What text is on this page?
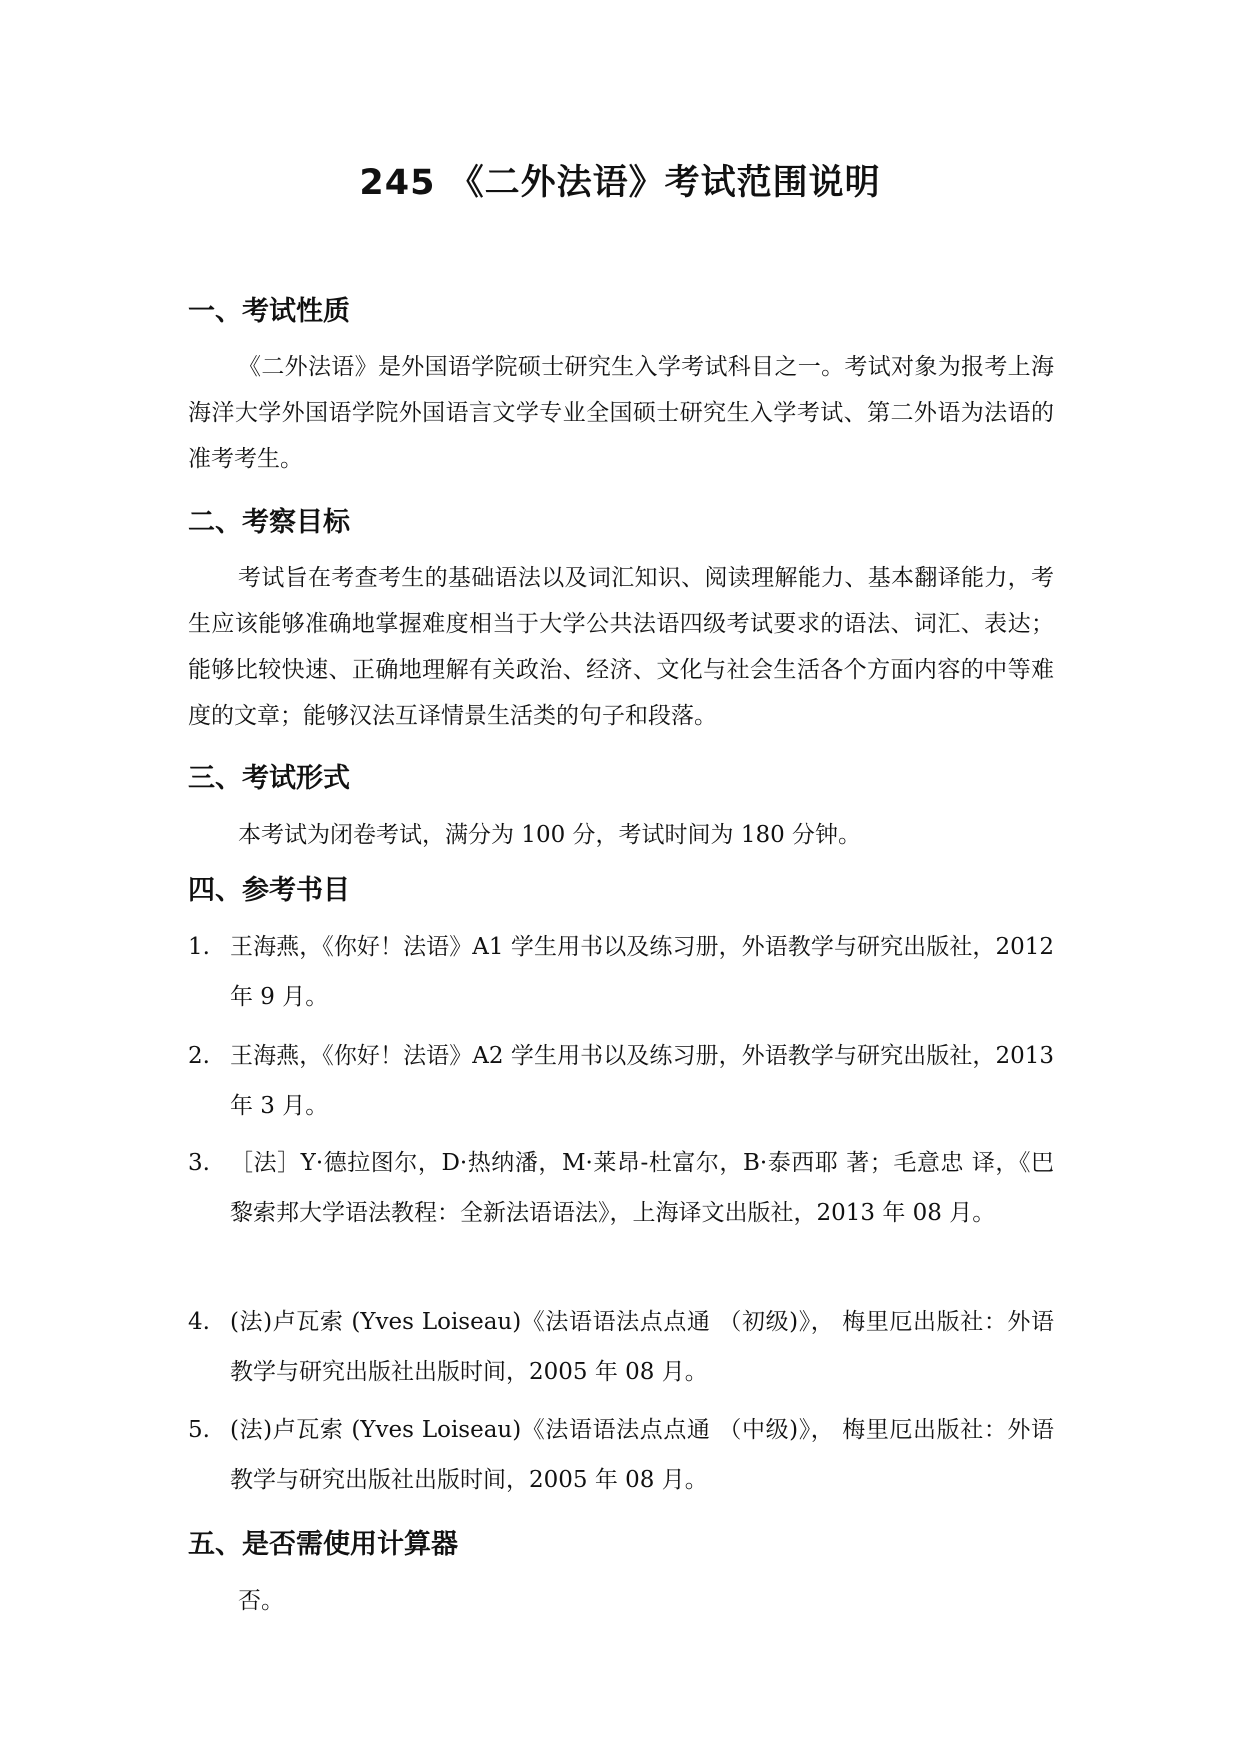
245 《二外法语》考试范围说明
一、考试性质
《二外法语》是外国语学院硕士研究生入学考试科目之一。考试对象为报考上海海洋大学外国语学院外国语言文学专业全国硕士研究生入学考试、第二外语为法语的准考考生。
二、考察目标
考试旨在考查考生的基础语法以及词汇知识、阅读理解能力、基本翻译能力，考生应该能够准确地掌握难度相当于大学公共法语四级考试要求的语法、词汇、表达；能够比较快速、正确地理解有关政治、经济、文化与社会生活各个方面内容的中等难度的文章；能够汉法互译情景生活类的句子和段落。
三、考试形式
本考试为闭卷考试，满分为 100 分，考试时间为 180 分钟。
四、参考书目
1. 王海燕，《你好！法语》A1 学生用书以及练习册，外语教学与研究出版社，2012 年 9 月。
2. 王海燕，《你好！法语》A2 学生用书以及练习册，外语教学与研究出版社，2013 年 3 月。
3. ［法］Y·德拉图尔，D·热纳潘，M·莱昂-杜富尔，B·泰西耶 著；毛意忠 译，《巴黎索邦大学语法教程：全新法语语法》，上海译文出版社，2013 年 08 月。
4. (法)卢瓦索 (Yves Loiseau)《法语语法点点通 （初级)》， 梅里厄出版社：外语教学与研究出版社出版时间，2005 年 08 月。
5. (法)卢瓦索 (Yves Loiseau)《法语语法点点通 （中级)》， 梅里厄出版社：外语教学与研究出版社出版时间，2005 年 08 月。
五、是否需使用计算器
否。
